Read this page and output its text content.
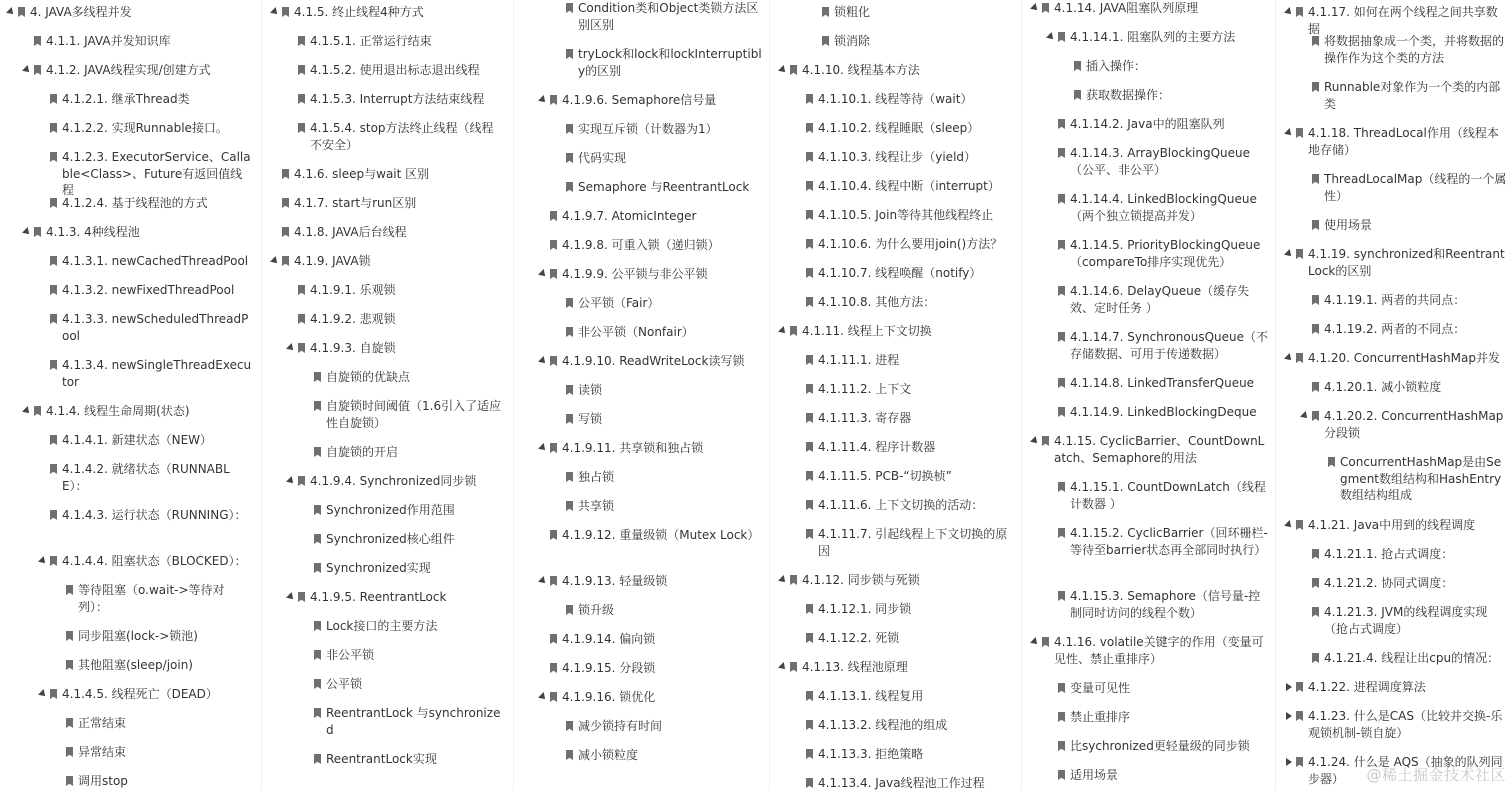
4. JAVA多线程并发
4.1.1. JAVA并发知识库
4.1.2. JAVA线程实现/创建方式
4.1.2.1. 继承Thread类
4.1.2.2. 实现Runnable接口。
4.1.2.3. ExecutorService、Callable<Class>、Future有返回值线程
4.1.2.4. 基于线程池的方式
4.1.3. 4种线程池
4.1.3.1. newCachedThreadPool
4.1.3.2. newFixedThreadPool
4.1.3.3. newScheduledThreadPool
4.1.3.4. newSingleThreadExecutor
4.1.4. 线程生命周期(状态)
4.1.4.1. 新建状态（NEW）
4.1.4.2. 就绪状态（RUNNABLE）：
4.1.4.3. 运行状态（RUNNING）：
4.1.4.4. 阻塞状态（BLOCKED）：
等待阻塞（o.wait->等待对列）：
同步阻塞(lock->锁池)
其他阻塞(sleep/join)
4.1.4.5. 线程死亡（DEAD）
正常结束
异常结束
调用stop
4.1.5. 终止线程4种方式
4.1.5.1. 正常运行结束
4.1.5.2. 使用退出标志退出线程
4.1.5.3. Interrupt方法结束线程
4.1.5.4. stop方法终止线程（线程不安全）
4.1.6. sleep与wait 区别
4.1.7. start与run区别
4.1.8. JAVA后台线程
4.1.9. JAVA锁
4.1.9.1. 乐观锁
4.1.9.2. 悲观锁
4.1.9.3. 自旋锁
自旋锁的优缺点
自旋锁时间阈值（1.6引入了适应性自旋锁）
自旋锁的开启
4.1.9.4. Synchronized同步锁
Synchronized作用范围
Synchronized核心组件
Synchronized实现
4.1.9.5. ReentrantLock
Lock接口的主要方法
非公平锁
公平锁
ReentrantLock 与synchronized
ReentrantLock实现
Condition类和Object类锁方法区别区别
tryLock和lock和lockInterruptibly的区别
4.1.9.6. Semaphore信号量
实现互斥锁（计数器为1）
代码实现
Semaphore 与ReentrantLock
4.1.9.7. AtomicInteger
4.1.9.8. 可重入锁（递归锁）
4.1.9.9. 公平锁与非公平锁
公平锁（Fair）
非公平锁（Nonfair）
4.1.9.10. ReadWriteLock读写锁
读锁
写锁
4.1.9.11. 共享锁和独占锁
独占锁
共享锁
4.1.9.12. 重量级锁（Mutex Lock）
4.1.9.13. 轻量级锁
锁升级
4.1.9.14. 偏向锁
4.1.9.15. 分段锁
4.1.9.16. 锁优化
减少锁持有时间
减小锁粒度
锁粗化
锁消除
4.1.10. 线程基本方法
4.1.10.1. 线程等待（wait）
4.1.10.2. 线程睡眠（sleep）
4.1.10.3. 线程让步（yield）
4.1.10.4. 线程中断（interrupt）
4.1.10.5. Join等待其他线程终止
4.1.10.6. 为什么要用join()方法？
4.1.10.7. 线程唤醒（notify）
4.1.10.8. 其他方法：
4.1.11. 线程上下文切换
4.1.11.1. 进程
4.1.11.2. 上下文
4.1.11.3. 寄存器
4.1.11.4. 程序计数器
4.1.11.5. PCB-“切换桢”
4.1.11.6. 上下文切换的活动：
4.1.11.7. 引起线程上下文切换的原因
4.1.12. 同步锁与死锁
4.1.12.1. 同步锁
4.1.12.2. 死锁
4.1.13. 线程池原理
4.1.13.1. 线程复用
4.1.13.2. 线程池的组成
4.1.13.3. 拒绝策略
4.1.13.4. Java线程池工作过程
4.1.14. JAVA阻塞队列原理
4.1.14.1. 阻塞队列的主要方法
插入操作：
获取数据操作：
4.1.14.2. Java中的阻塞队列
4.1.14.3. ArrayBlockingQueue（公平、非公平）
4.1.14.4. LinkedBlockingQueue（两个独立锁提高并发）
4.1.14.5. PriorityBlockingQueue（compareTo排序实现优先）
4.1.14.6. DelayQueue（缓存失效、定时任务 ）
4.1.14.7. SynchronousQueue（不存储数据、可用于传递数据）
4.1.14.8. LinkedTransferQueue
4.1.14.9. LinkedBlockingDeque
4.1.15. CyclicBarrier、CountDownLatch、Semaphore的用法
4.1.15.1. CountDownLatch（线程计数器 ）
4.1.15.2. CyclicBarrier（回环栅栏-等待至barrier状态再全部同时执行）
4.1.15.3. Semaphore（信号量-控制同时访问的线程个数）
4.1.16. volatile关键字的作用（变量可见性、禁止重排序）
变量可见性
禁止重排序
比sychronized更轻量级的同步锁
适用场景
4.1.17. 如何在两个线程之间共享数据
将数据抽象成一个类，并将数据的操作作为这个类的方法
Runnable对象作为一个类的内部类
4.1.18. ThreadLocal作用（线程本地存储）
ThreadLocalMap（线程的一个属性）
使用场景
4.1.19. synchronized和ReentrantLock的区别
4.1.19.1. 两者的共同点：
4.1.19.2. 两者的不同点：
4.1.20. ConcurrentHashMap并发
4.1.20.1. 减小锁粒度
4.1.20.2. ConcurrentHashMap分段锁
ConcurrentHashMap是由Segment数组结构和HashEntry数组结构组成
4.1.21. Java中用到的线程调度
4.1.21.1. 抢占式调度：
4.1.21.2. 协同式调度：
4.1.21.3. JVM的线程调度实现（抢占式调度）
4.1.21.4. 线程让出cpu的情况：
4.1.22. 进程调度算法
4.1.23. 什么是CAS（比较并交换-乐观锁机制-锁自旋）
4.1.24. 什么是 AQS（抽象的队列同步器）	@稀土掘金技术社区
